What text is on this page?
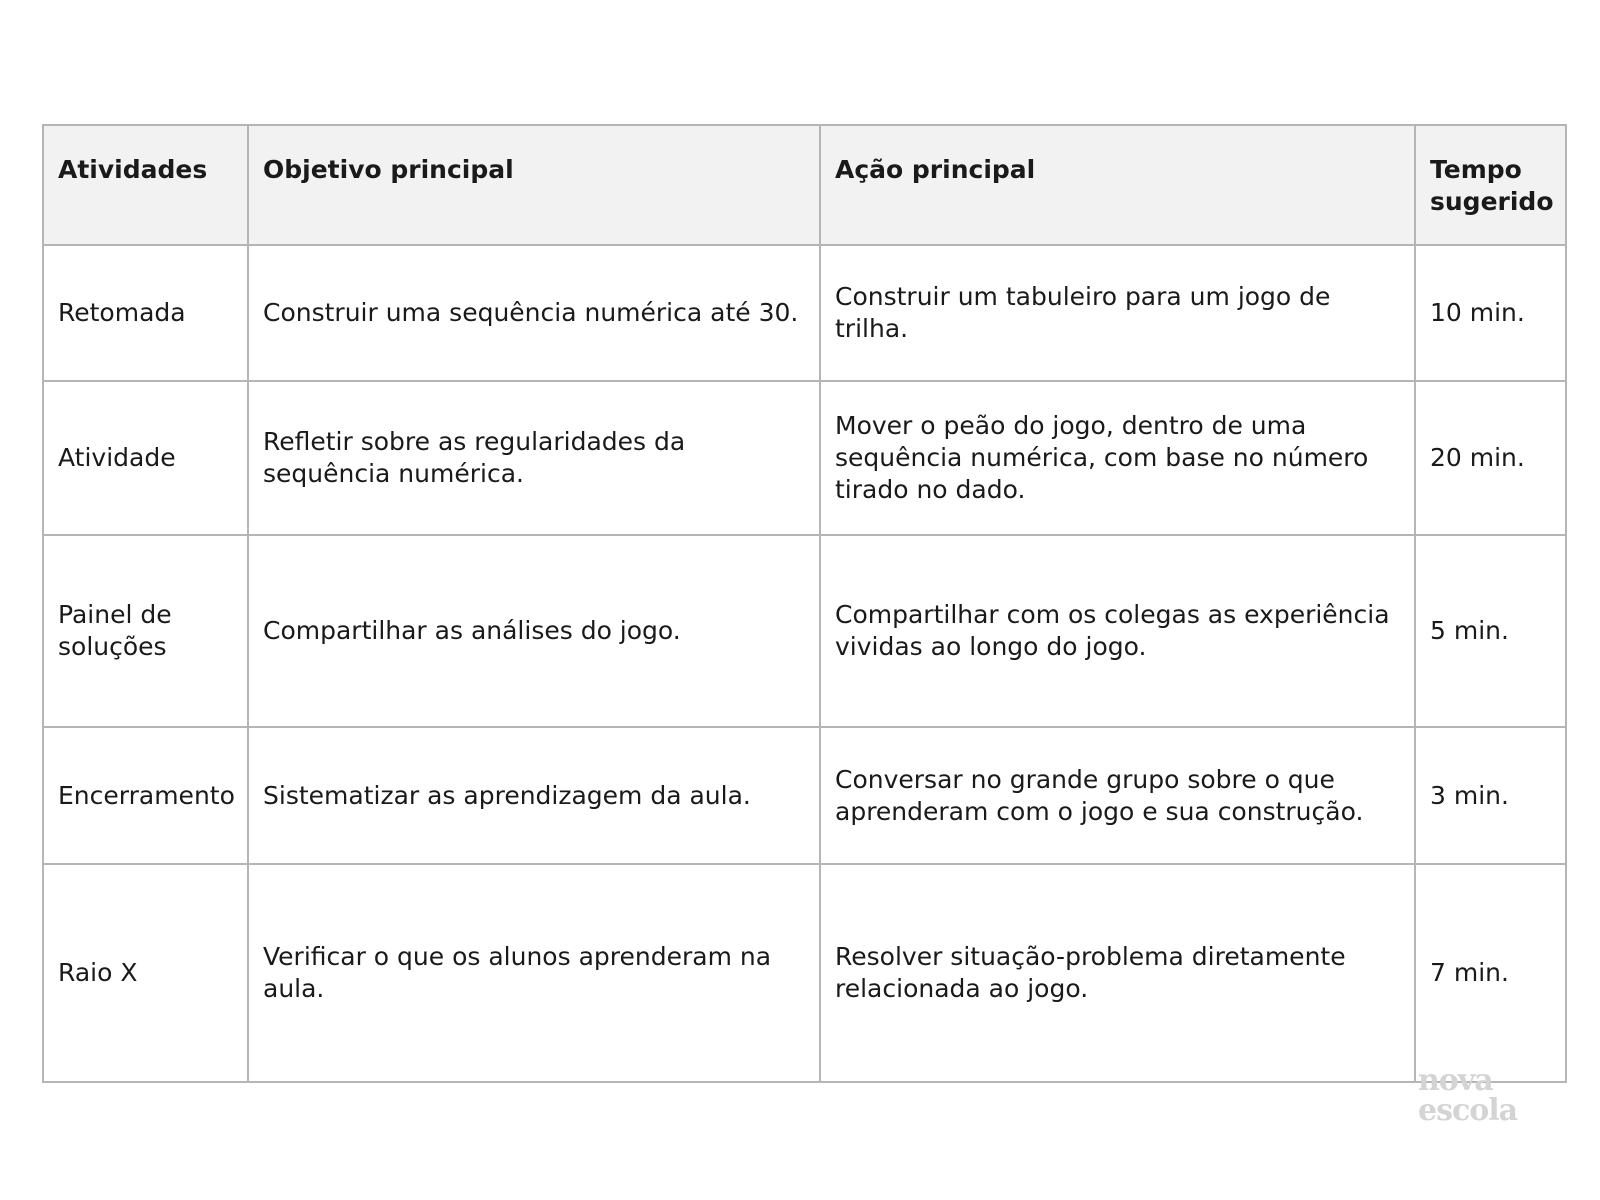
Atividades	Objetivo principal	Ação principal	Tempo sugerido
Retomada	Construir uma sequência numérica até 30.	Construir um tabuleiro para um jogo de trilha.	10 min.
Atividade	Refletir sobre as regularidades da sequência numérica.	Mover o peão do jogo, dentro de uma sequência numérica, com base no número tirado no dado.	20 min.
Painel de soluções	Compartilhar as análises do jogo.	Compartilhar com os colegas as experiência vividas ao longo do jogo.	5 min.
Encerramento	Sistematizar as aprendizagem da aula.	Conversar no grande grupo sobre o que aprenderam com o jogo e sua construção.	3 min.
Raio X	Verificar o que os alunos aprenderam na aula.	Resolver situação-problema diretamente relacionada ao jogo.	7 min.
nova
escola
